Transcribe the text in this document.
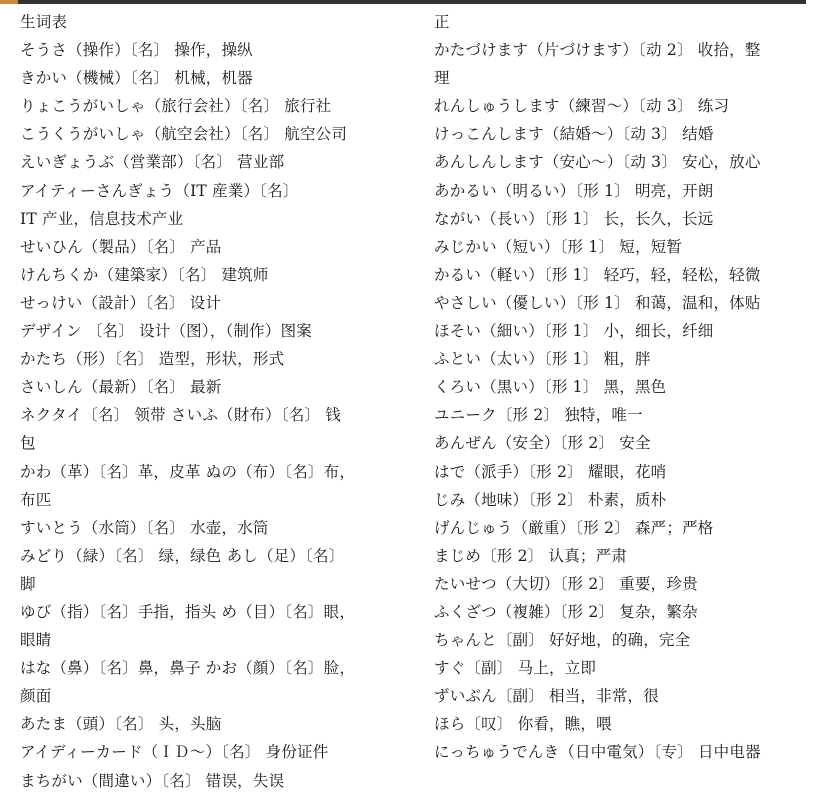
生词表
そうさ（操作）〔名〕 操作，操纵
きかい（機械）〔名〕 机械，机器
りょこうがいしゃ（旅行会社）〔名〕 旅行社
こうくうがいしゃ（航空会社）〔名〕 航空公司
えいぎょうぶ（営業部）〔名〕 营业部
アイティーさんぎょう（IT 産業）〔名〕
IT 产业，信息技术产业
せいひん（製品）〔名〕 产品
けんちくか（建築家）〔名〕 建筑师
せっけい（設計）〔名〕 设计
デザイン 〔名〕 设计（图），（制作）图案
かたち（形）〔名〕 造型，形状，形式
さいしん（最新）〔名〕 最新
ネクタイ〔名〕 领带 さいふ（財布）〔名〕 钱
包
かわ（革）〔名〕革，皮革 ぬの（布）〔名〕布，
布匹
すいとう（水筒）〔名〕 水壶，水筒
みどり（緑）〔名〕 绿，绿色 あし（足）〔名〕
脚
ゆび（指）〔名〕手指，指头 め（目）〔名〕眼，
眼睛
はな（鼻）〔名〕鼻，鼻子 かお（顔）〔名〕脸，
颜面
あたま（頭）〔名〕 头，头脑
アイディーカード（ＩＤ～）〔名〕 身份证件
まちがい（間違い）〔名〕 错误，失误
正
かたづけます（片づけます）〔动 2〕 收拾，整
理
れんしゅうします（練習～）〔动 3〕 练习
けっこんします（結婚～）〔动 3〕 结婚
あんしんします（安心～）〔动 3〕 安心，放心
あかるい（明るい）〔形 1〕 明亮，开朗
ながい（長い）〔形 1〕 长，长久，长远
みじかい（短い）〔形 1〕 短，短暂
かるい（軽い）〔形 1〕 轻巧，轻，轻松，轻微
やさしい（優しい）〔形 1〕 和蔼，温和，体贴
ほそい（細い）〔形 1〕 小，细长，纤细
ふとい（太い）〔形 1〕 粗，胖
くろい（黒い）〔形 1〕 黑，黑色
ユニーク〔形 2〕 独特，唯一
あんぜん（安全）〔形 2〕 安全
はで（派手）〔形 2〕 耀眼，花哨
じみ（地味）〔形 2〕 朴素，质朴
げんじゅう（厳重）〔形 2〕 森严；严格
まじめ〔形 2〕 认真；严肃
たいせつ（大切）〔形 2〕 重要，珍贵
ふくざつ（複雑）〔形 2〕 复杂，繁杂
ちゃんと〔副〕 好好地，的确，完全
すぐ〔副〕 马上，立即
ずいぶん〔副〕 相当，非常，很
ほら〔叹〕 你看，瞧，喂
にっちゅうでんき（日中電気）〔专〕 日中电器
